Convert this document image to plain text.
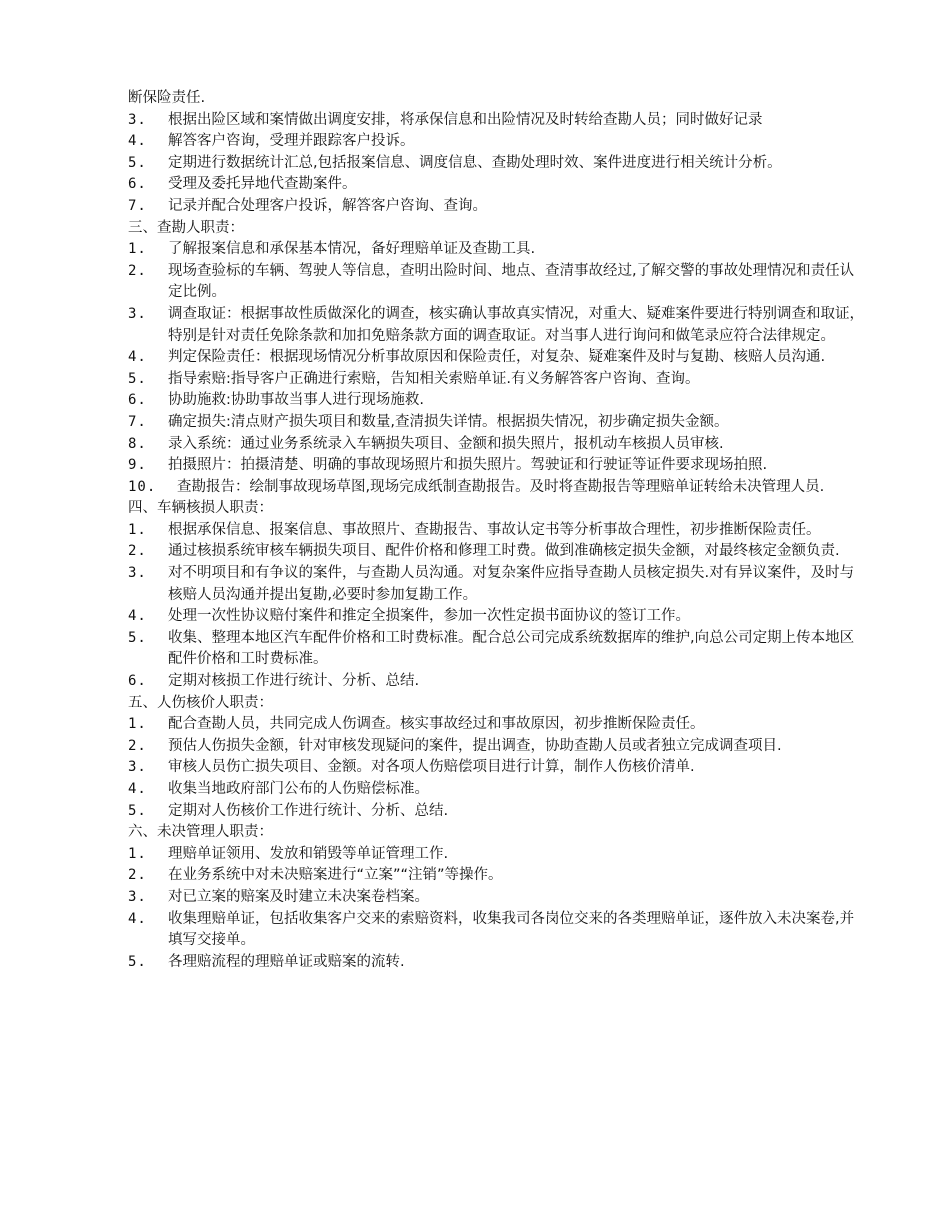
断保险责任.
3.	根据出险区域和案情做出调度安排，将承保信息和出险情况及时转给查勘人员；同时做好记录
4.	解答客户咨询，受理并跟踪客户投诉。
5.	定期进行数据统计汇总,包括报案信息、调度信息、查勘处理时效、案件进度进行相关统计分析。
6.	受理及委托异地代查勘案件。
7.	记录并配合处理客户投诉，解答客户咨询、查询。
三、查勘人职责：
1.	了解报案信息和承保基本情况，备好理赔单证及查勘工具.
2.	现场查验标的车辆、驾驶人等信息，查明出险时间、地点、查清事故经过,了解交警的事故处理情况和责任认定比例。
3.	调查取证：根据事故性质做深化的调查，核实确认事故真实情况，对重大、疑难案件要进行特别调查和取证，特别是针对责任免除条款和加扣免赔条款方面的调查取证。对当事人进行询问和做笔录应符合法律规定。
4.	判定保险责任：根据现场情况分析事故原因和保险责任，对复杂、疑难案件及时与复勘、核赔人员沟通.
5.	指导索赔:指导客户正确进行索赔，告知相关索赔单证.有义务解答客户咨询、查询。
6.	协助施救:协助事故当事人进行现场施救.
7.	确定损失:清点财产损失项目和数量,查清损失详情。根据损失情况，初步确定损失金额。
8.	录入系统：通过业务系统录入车辆损失项目、金额和损失照片，报机动车核损人员审核.
9.	拍摄照片：拍摄清楚、明确的事故现场照片和损失照片。驾驶证和行驶证等证件要求现场拍照.
10.	查勘报告：绘制事故现场草图,现场完成纸制查勘报告。及时将查勘报告等理赔单证转给未决管理人员.
四、车辆核损人职责：
1.	根据承保信息、报案信息、事故照片、查勘报告、事故认定书等分析事故合理性，初步推断保险责任。
2.	通过核损系统审核车辆损失项目、配件价格和修理工时费。做到准确核定损失金额，对最终核定金额负责.
3.	对不明项目和有争议的案件，与查勘人员沟通。对复杂案件应指导查勘人员核定损失.对有异议案件，及时与核赔人员沟通并提出复勘,必要时参加复勘工作。
4.	处理一次性协议赔付案件和推定全损案件，参加一次性定损书面协议的签订工作。
5.	收集、整理本地区汽车配件价格和工时费标准。配合总公司完成系统数据库的维护,向总公司定期上传本地区配件价格和工时费标准。
6.	定期对核损工作进行统计、分析、总结.
五、人伤核价人职责：
1.	配合查勘人员，共同完成人伤调查。核实事故经过和事故原因，初步推断保险责任。
2.	预估人伤损失金额，针对审核发现疑问的案件，提出调查，协助查勘人员或者独立完成调查项目.
3.	审核人员伤亡损失项目、金额。对各项人伤赔偿项目进行计算，制作人伤核价清单.
4.	收集当地政府部门公布的人伤赔偿标准。
5.	定期对人伤核价工作进行统计、分析、总结.
六、未决管理人职责：
1.	理赔单证领用、发放和销毁等单证管理工作.
2.	在业务系统中对未决赔案进行“立案”“注销”等操作。
3.	对已立案的赔案及时建立未决案卷档案。
4.	收集理赔单证，包括收集客户交来的索赔资料，收集我司各岗位交来的各类理赔单证，逐件放入未决案卷,并填写交接单。
5.	各理赔流程的理赔单证或赔案的流转.
